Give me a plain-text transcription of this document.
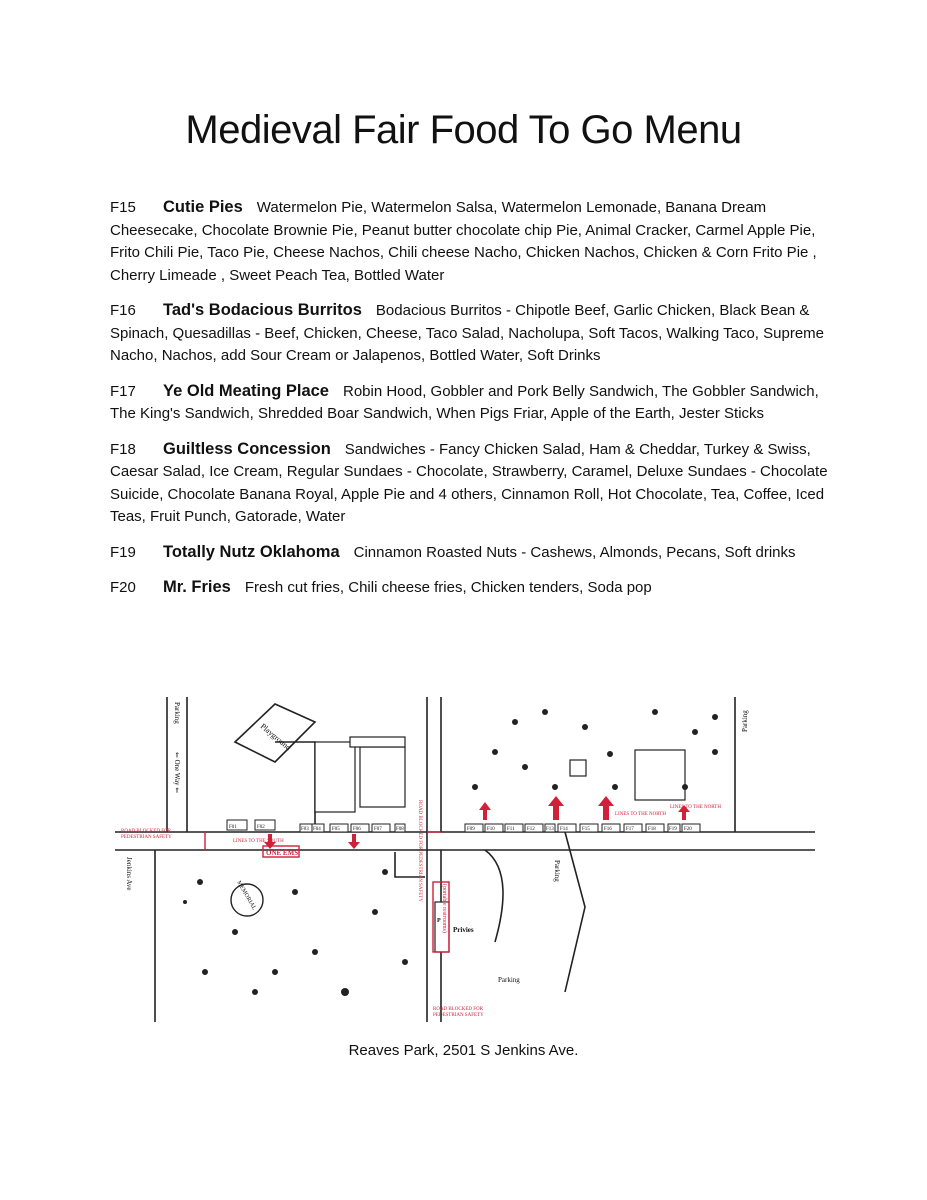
Medieval Fair Food To Go Menu

F15 Cutie Pies Watermelon Pie, Watermelon Salsa, Watermelon Lemonade, Banana Dream Cheesecake, Chocolate Brownie Pie, Peanut butter chocolate chip Pie, Animal Cracker, Carmel Apple Pie, Frito Chili Pie, Taco Pie, Cheese Nachos, Chili cheese Nacho, Chicken Nachos, Chicken & Corn Frito Pie , Cherry Limeade , Sweet Peach Tea, Bottled Water

F16 Tad's Bodacious Burritos Bodacious Burritos - Chipotle Beef, Garlic Chicken, Black Bean & Spinach, Quesadillas - Beef, Chicken, Cheese, Taco Salad, Nacholupa, Soft Tacos, Walking Taco, Supreme Nacho, Nachos, add Sour Cream or Jalapenos, Bottled Water, Soft Drinks

F17 Ye Old Meating Place Robin Hood, Gobbler and Pork Belly Sandwich, The Gobbler Sandwich, The King's Sandwich, Shredded Boar Sandwich, When Pigs Friar, Apple of the Earth, Jester Sticks

F18 Guiltless Concession Sandwiches - Fancy Chicken Salad, Ham & Cheddar, Turkey & Swiss, Caesar Salad, Ice Cream, Regular Sundaes - Chocolate, Strawberry, Caramel, Deluxe Sundaes - Chocolate Suicide, Chocolate Banana Royal, Apple Pie and 4 others, Cinnamon Roll, Hot Chocolate, Tea, Coffee, Iced Teas, Fruit Punch, Gatorade, Water

F19 Totally Nutz Oklahoma Cinnamon Roasted Nuts - Cashews, Almonds, Pecans, Soft drinks

F20 Mr. Fries Fresh cut fries, Chili cheese fries, Chicken tenders, Soda pop

F01	F02	F03 F04 F05	F06	F07	F08	F09 F10 F11 F12 F13 F14	F15	F16	F17	F18	F19 F20
ROAD BLOCKED FOR
PEDESTRIAN SAFETY
LINES TO THE SOUTH
LINES TO THE NORTH
LINES TO THE NORTH
ROAD BLOCKED FOR
PEDESTRIAN SAFETY
ONE EMS	ROAD BLOCKED FOR PEDESTRIAN SAFETY
(portable restrooms)
Parking
⇐ One Way ⇐
Playground
Parking
Jenkins Ave
MEMORIAL
P
Privies
Parking
Parking
Reaves Park, 2501 S Jenkins Ave.
